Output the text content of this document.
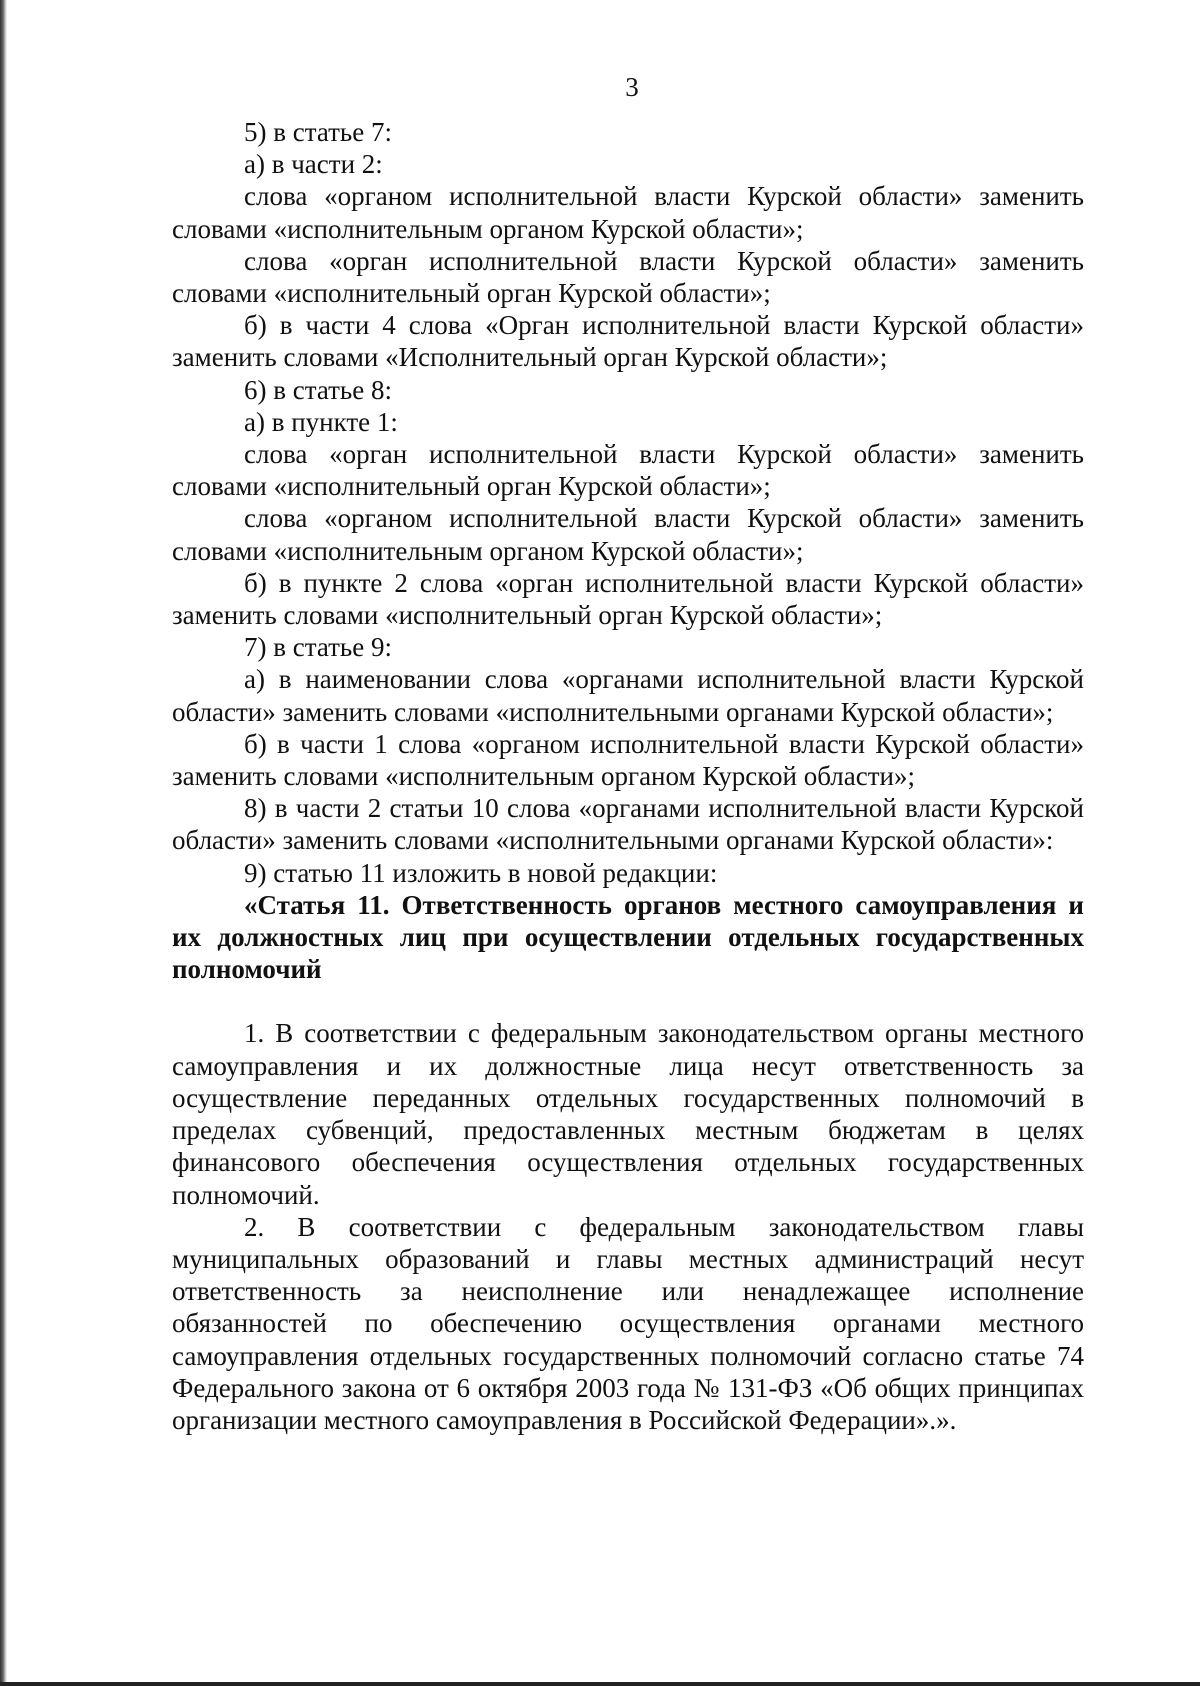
3

5) в статье 7:

а) в части 2:

слова «органом исполнительной власти Курской области» заменить словами «исполнительным органом Курской области»;

слова «орган исполнительной власти Курской области» заменить словами «исполнительный орган Курской области»;

б) в части 4 слова «Орган исполнительной власти Курской области» заменить словами «Исполнительный орган Курской области»;

6) в статье 8:

а) в пункте 1:

слова «орган исполнительной власти Курской области» заменить словами «исполнительный орган Курской области»;

слова «органом исполнительной власти Курской области» заменить словами «исполнительным органом Курской области»;

б) в пункте 2 слова «орган исполнительной власти Курской области» заменить словами «исполнительный орган Курской области»;

7) в статье 9:

а) в наименовании слова «органами исполнительной власти Курской области» заменить словами «исполнительными органами Курской области»;

б) в части 1 слова «органом исполнительной власти Курской области» заменить словами «исполнительным органом Курской области»;

8) в части 2 статьи 10 слова «органами исполнительной власти Курской области» заменить словами «исполнительными органами Курской области»:

9) статью 11 изложить в новой редакции:

«Статья 11. Ответственность органов местного самоуправления и их должностных лиц при осуществлении отдельных государственных полномочий

1. В соответствии с федеральным законодательством органы местного самоуправления и их должностные лица несут ответственность за осуществление переданных отдельных государственных полномочий в пределах субвенций, предоставленных местным бюджетам в целях финансового обеспечения осуществления отдельных государственных полномочий.

2. В соответствии с федеральным законодательством главы муниципальных образований и главы местных администраций несут ответственность за неисполнение или ненадлежащее исполнение обязанностей по обеспечению осуществления органами местного самоуправления отдельных государственных полномочий согласно статье 74 Федерального закона от 6 октября 2003 года № 131-ФЗ «Об общих принципах организации местного самоуправления в Российской Федерации».».
